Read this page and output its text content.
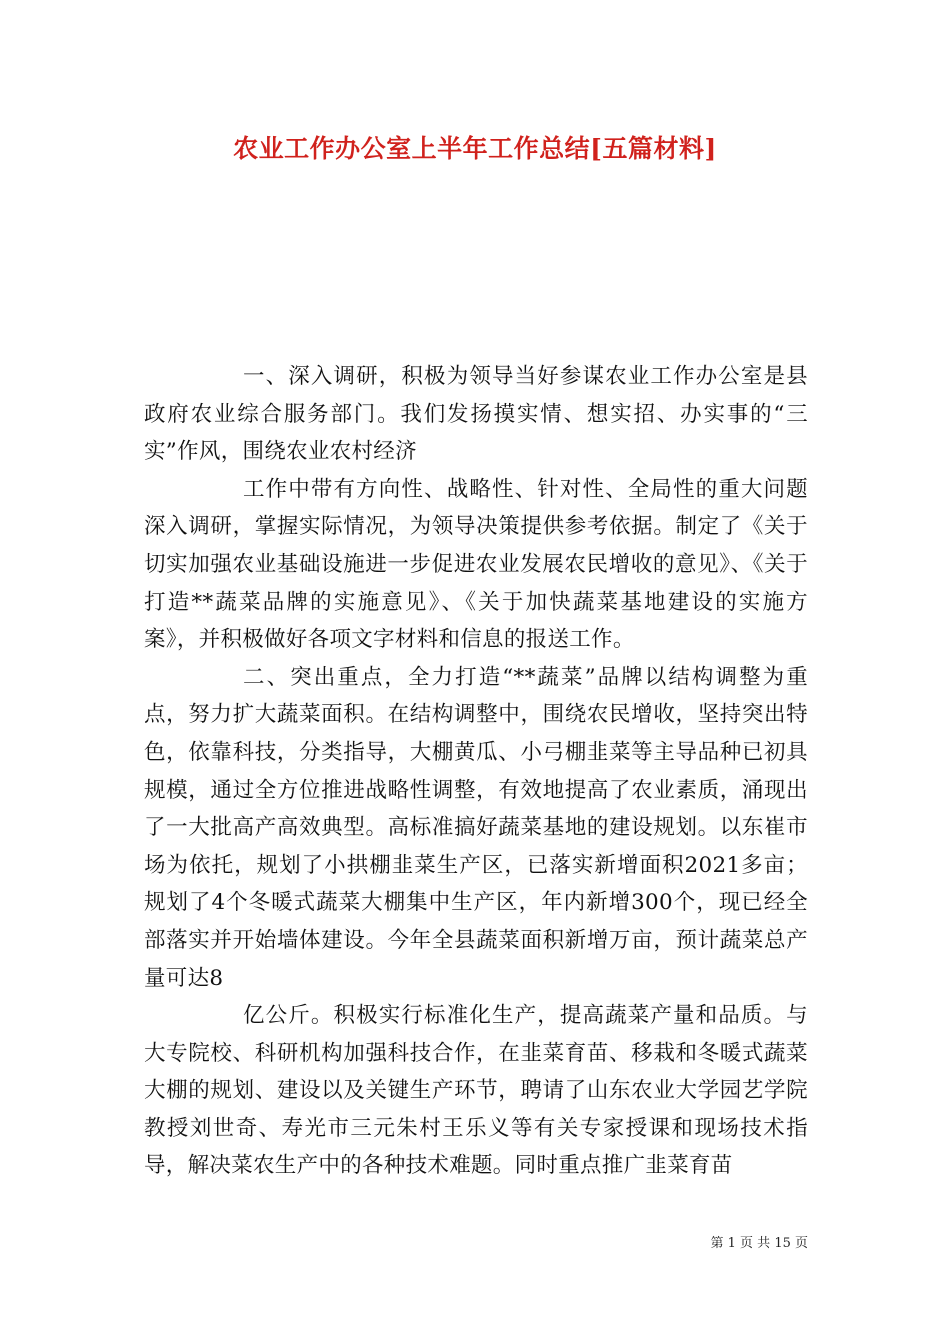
农业工作办公室上半年工作总结[五篇材料]

一、深入调研，积极为领导当好参谋农业工作办公室是县政府农业综合服务部门。我们发扬摸实情、想实招、办实事的“三实”作风，围绕农业农村经济

工作中带有方向性、战略性、针对性、全局性的重大问题深入调研，掌握实际情况，为领导决策提供参考依据。制定了《关于切实加强农业基础设施进一步促进农业发展农民增收的意见》、《关于打造**蔬菜品牌的实施意见》、《关于加快蔬菜基地建设的实施方案》，并积极做好各项文字材料和信息的报送工作。

二、突出重点，全力打造“**蔬菜”品牌以结构调整为重点，努力扩大蔬菜面积。在结构调整中，围绕农民增收，坚持突出特色，依靠科技，分类指导，大棚黄瓜、小弓棚韭菜等主导品种已初具规模，通过全方位推进战略性调整，有效地提高了农业素质，涌现出了一大批高产高效典型。高标准搞好蔬菜基地的建设规划。以东崔市场为依托，规划了小拱棚韭菜生产区，已落实新增面积2021多亩；规划了4个冬暖式蔬菜大棚集中生产区，年内新增300个，现已经全部落实并开始墙体建设。今年全县蔬菜面积新增万亩，预计蔬菜总产量可达8

亿公斤。积极实行标准化生产，提高蔬菜产量和品质。与大专院校、科研机构加强科技合作，在韭菜育苗、移栽和冬暖式蔬菜大棚的规划、建设以及关键生产环节，聘请了山东农业大学园艺学院教授刘世奇、寿光市三元朱村王乐义等有关专家授课和现场技术指导，解决菜农生产中的各种技术难题。同时重点推广韭菜育苗

第 1 页 共 15 页
